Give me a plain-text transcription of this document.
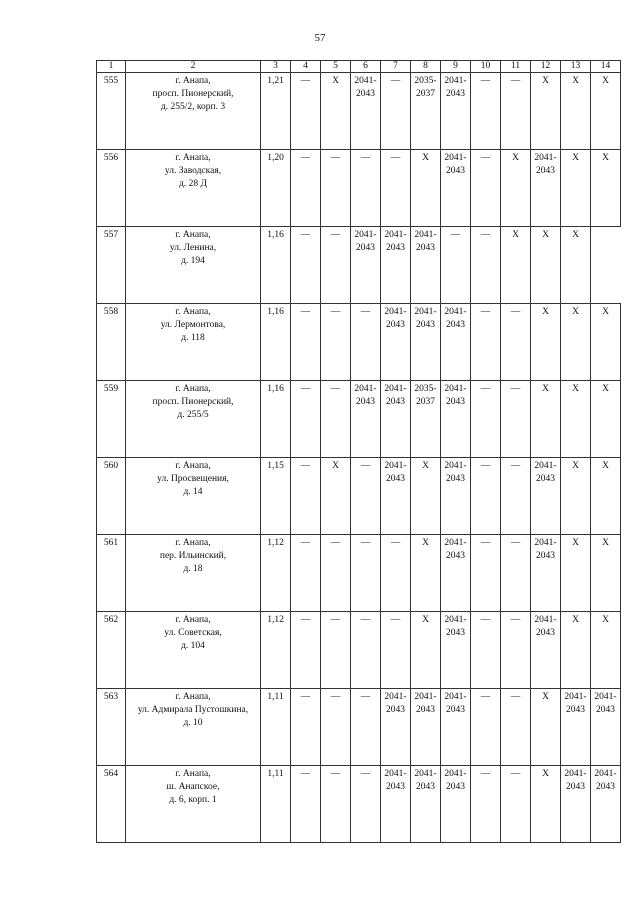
57
1	2	3	4	5	6	7	8	9	10	11	12	13	14

555	г. Анапа,
просп. Пионерский,
д. 255/2, корп. 3	1,21	—	X	2041-
2043	—	2035-
2037	2041-
2043	—	—	X	X	X

556	г. Анапа,
ул. Заводская,
д. 28 Д	1,20	—	—	—	—	X	2041-
2043	—	X	2041-
2043	X	X

557	г. Анапа,
ул. Ленина,
д. 194	1,16	—	—	2041-
2043	2041-
2043	2041-
2043	—	—	X	X	X	

558	г. Анапа,
ул. Лермонтова,
д. 118	1,16	—	—	—	2041-
2043	2041-
2043	2041-
2043	—	—	X	X	X

559	г. Анапа,
просп. Пионерский,
д. 255/5	1,16	—	—	2041-
2043	2041-
2043	2035-
2037	2041-
2043	—	—	X	X	X

560	г. Анапа,
ул. Просвещения,
д. 14	1,15	—	X	—	2041-
2043	X	2041-
2043	—	—	2041-
2043	X	X

561	г. Анапа,
пер. Ильинский,
д. 18	1,12	—	—	—	—	X	2041-
2043	—	—	2041-
2043	X	X

562	г. Анапа,
ул. Советская,
д. 104	1,12	—	—	—	—	X	2041-
2043	—	—	2041-
2043	X	X

563	г. Анапа,
ул. Адмирала Пустошкина,
д. 10	1,11	—	—	—	2041-
2043	2041-
2043	2041-
2043	—	—	X	2041-
2043	2041-
2043

564	г. Анапа,
ш. Анапское,
д. 6, корп. 1	1,11	—	—	—	2041-
2043	2041-
2043	2041-
2043	—	—	X	2041-
2043	2041-
2043
